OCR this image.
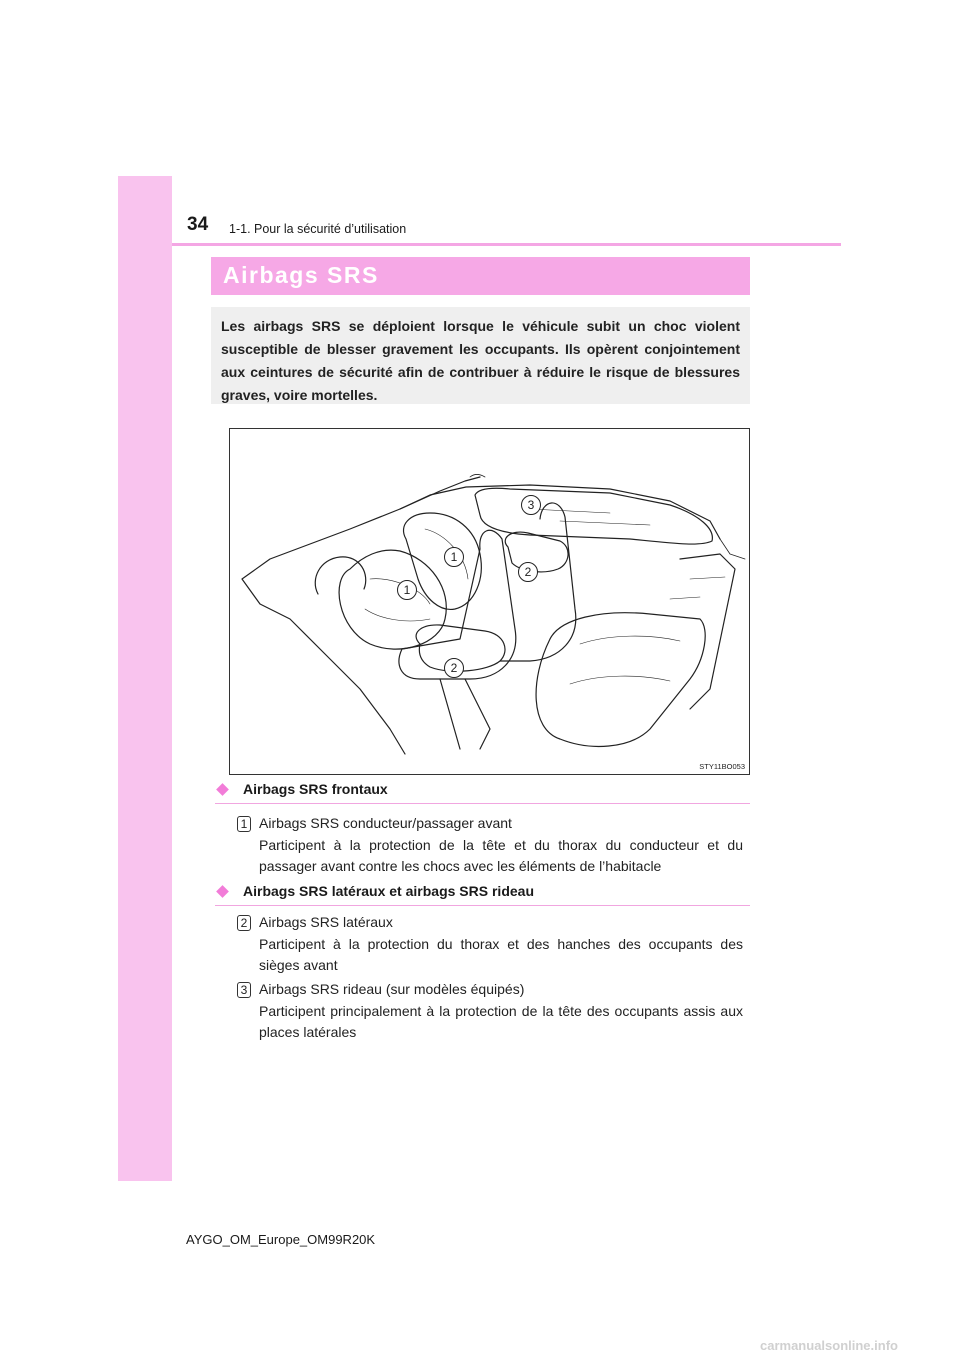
34 1-1. Pour la sécurité d’utilisation
Airbags SRS

Les airbags SRS se déploient lorsque le véhicule subit un choc violent susceptible de blesser gravement les occupants. Ils opèrent conjointement aux ceintures de sécurité afin de contribuer à réduire le risque de blessures graves, voire mortelles.

1
1
2
2
3
STY11BO053
Airbags SRS frontaux
1 Airbags SRS conducteur/passager avant

Participent à la protection de la tête et du thorax du conducteur et du passager avant contre les chocs avec les éléments de l’habitacle

Airbags SRS latéraux et airbags SRS rideau
2 Airbags SRS latéraux

Participent à la protection du thorax et des hanches des occupants des sièges avant

3 Airbags SRS rideau (sur modèles équipés)

Participent principalement à la protection de la tête des occupants assis aux places latérales

AYGO_OM_Europe_OM99R20K
carmanualsonline.info
